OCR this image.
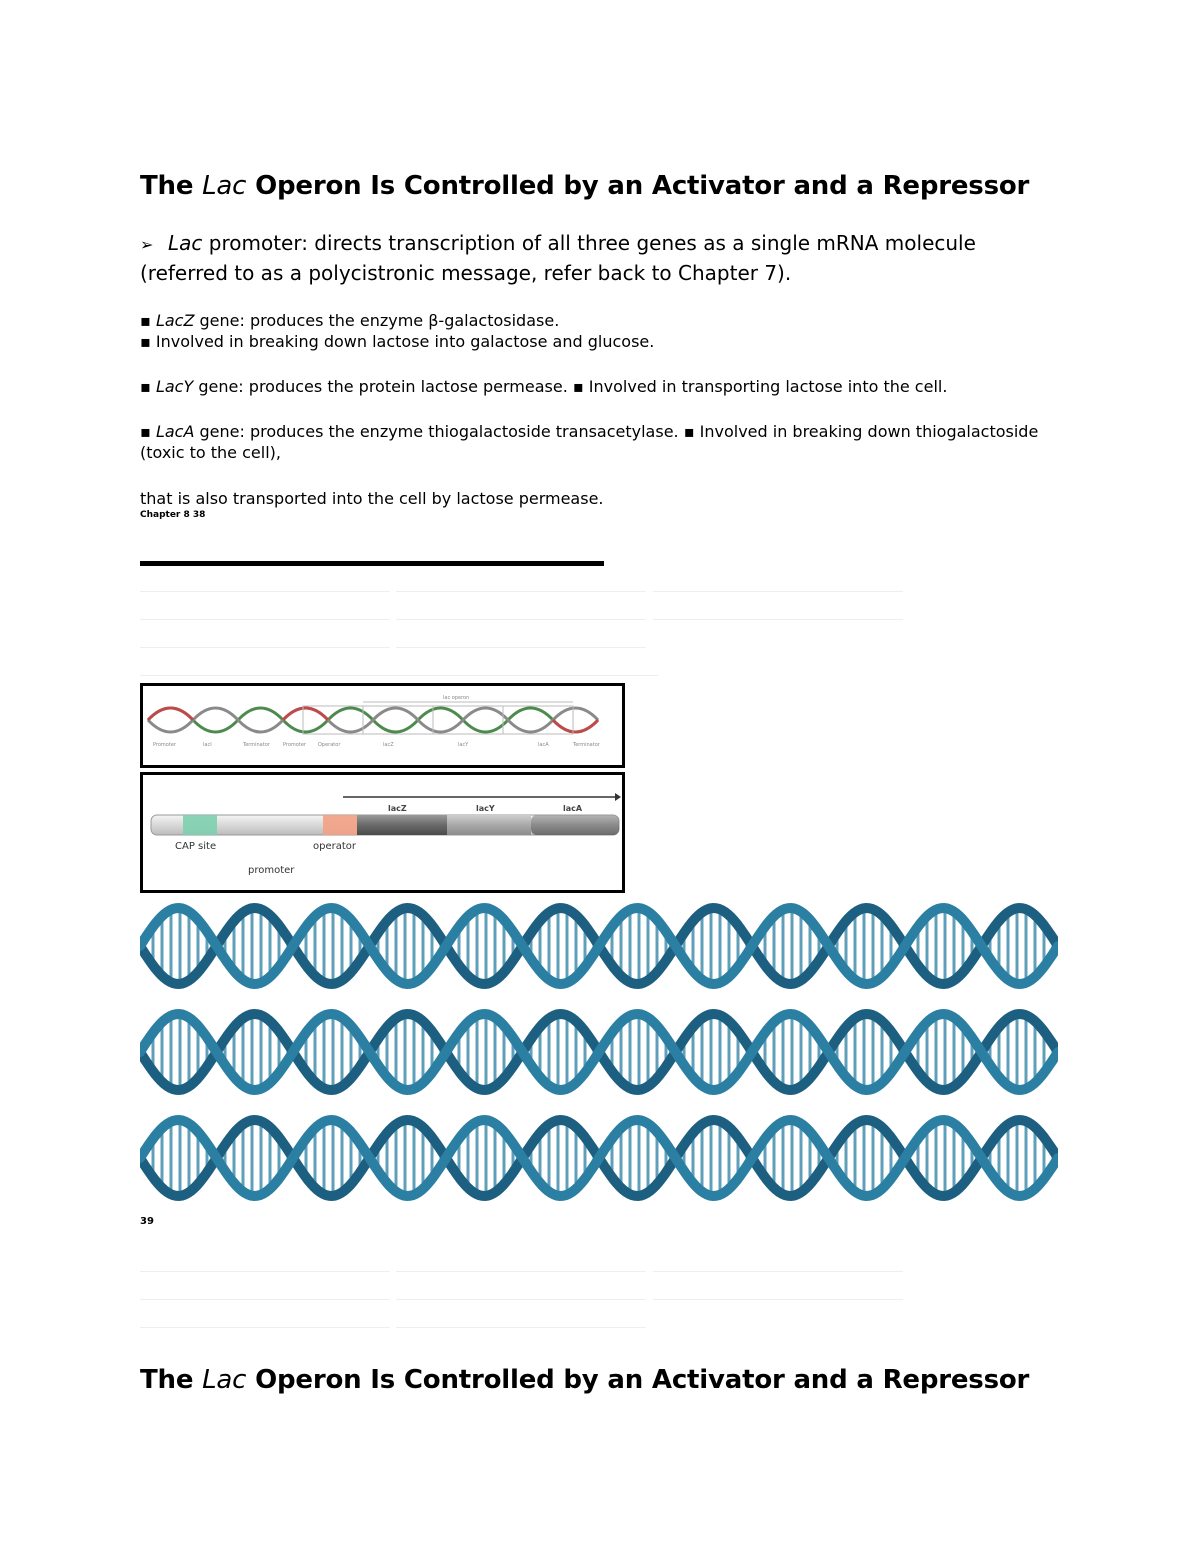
The Lac Operon Is Controlled by an Activator and a Repressor
➢ Lac promoter: directs transcription of all three genes as a single mRNA molecule (referred to as a polycistronic message, refer back to Chapter 7).
▪ LacZ gene: produces the enzyme β-galactosidase.
▪ Involved in breaking down lactose into galactose and glucose.
▪ LacY gene: produces the protein lactose permease. ▪ Involved in transporting lactose into the cell.
▪ LacA gene: produces the enzyme thiogalactoside transacetylase. ▪ Involved in breaking down thiogalactoside (toxic to the cell),
that is also transported into the cell by lactose permease.
Chapter 8 38
lac operon
Promoter	lacI	Terminator	Promoter Operator	lacZ	lacY	lacA	Terminator
lacZ	lacY	lacA
CAP site	operator
promoter
39
The Lac Operon Is Controlled by an Activator and a Repressor
